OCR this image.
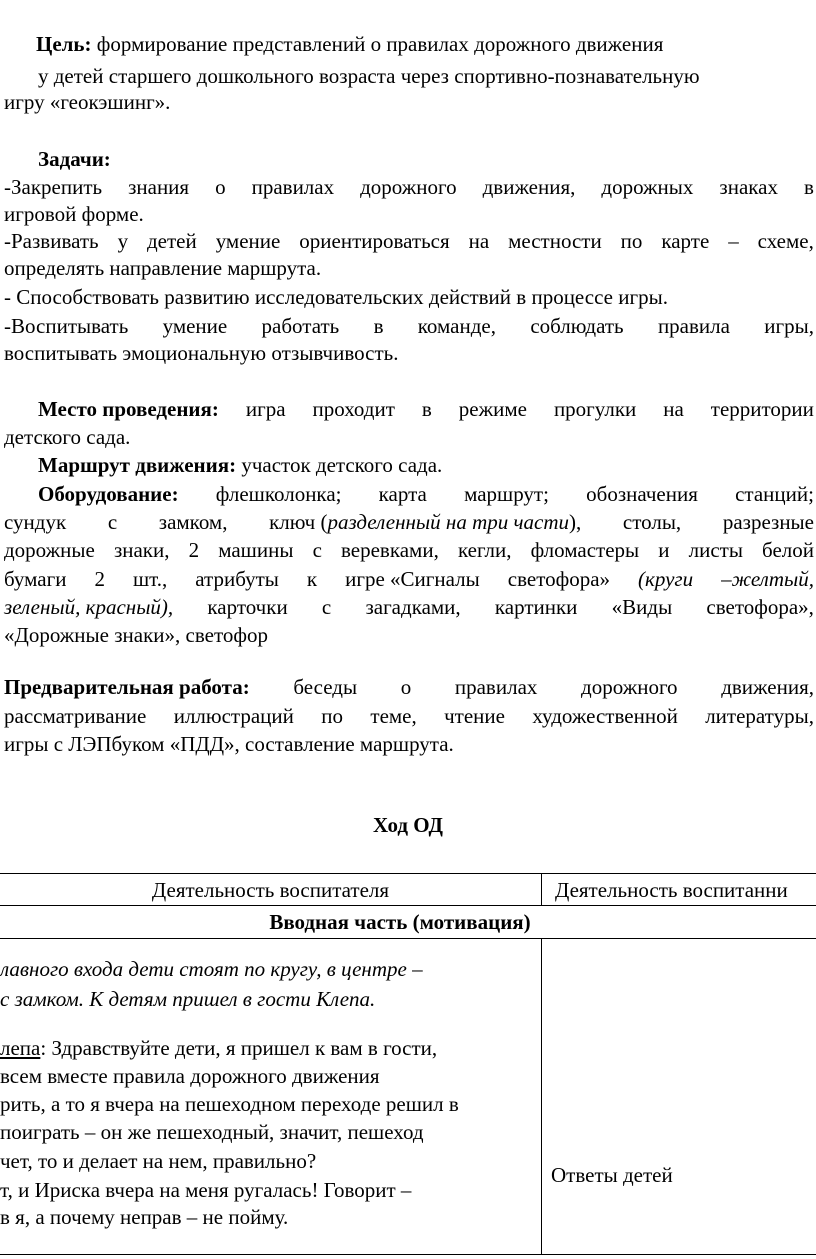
Цель: формирование представлений о правилах дорожного движения
у детей старшего дошкольного возраста через спортивно-познавательную
игру «геокэшинг».
Задачи:
-Закрепить знания о правилах дорожного движения, дорожных знаках в
игровой форме.
-Развивать у детей умение ориентироваться на местности по карте – схеме,
определять направление маршрута.
- Способствовать развитию исследовательских действий в процессе игры.
-Воспитывать умение работать в команде, соблюдать правила игры,
воспитывать эмоциональную отзывчивость.
Место проведения: игра проходит в режиме прогулки на территории
детского сада.
Маршрут движения: участок детского сада.
Оборудование: флешколонка; карта маршрут; обозначения станций;
сундук с замком, ключ (разделенный на три части), столы, разрезные
дорожные знаки, 2 машины с веревками, кегли, фломастеры и листы белой
бумаги 2 шт., атрибуты к игре «Сигналы светофора» (круги –желтый,
зеленый, красный), карточки с загадками, картинки «Виды светофора»,
«Дорожные знаки», светофор
Предварительная работа: беседы о правилах дорожного движения,
рассматривание иллюстраций по теме, чтение художественной литературы,
игры с ЛЭПбуком «ПДД», составление маршрута.
Ход ОД
Деятельность воспитателя	Деятельность воспитанни
Вводная часть (мотивация)
лавного входа дети стоят по кругу, в центре –
с замком. К детям пришел в гости Клепа.
лепа: Здравствуйте дети, я пришел к вам в гости,
всем вместе правила дорожного движения
рить, а то я вчера на пешеходном переходе решил в
поиграть – он же пешеходный, значит, пешеход
чет, то и делает на нем, правильно?
т, и Ириска вчера на меня ругалась! Говорит –
в я, а почему неправ – не пойму.
Ответы детей
